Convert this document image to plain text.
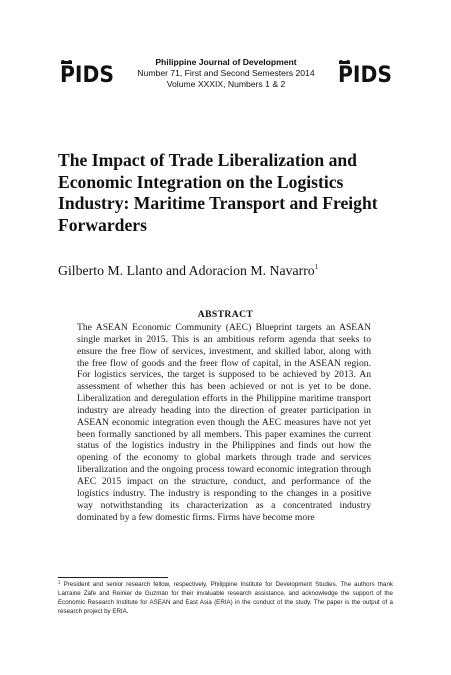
PIDS
Philippine Journal of Development
Number 71, First and Second Semesters 2014
Volume XXXIX, Numbers 1 & 2	PIDS
The Impact of Trade Liberalization and Economic Integration on the Logistics Industry: Maritime Transport and Freight Forwarders
Gilberto M. Llanto and Adoracion M. Navarro$^1$
ABSTRACT

The ASEAN Economic Community (AEC) Blueprint targets an ASEAN single market in 2015. This is an ambitious reform agenda that seeks to ensure the free flow of services, investment, and skilled labor, along with the free flow of goods and the freer flow of capital, in the ASEAN region. For logistics services, the target is supposed to be achieved by 2013. An assessment of whether this has been achieved or not is yet to be done. Liberalization and deregulation efforts in the Philippine maritime transport industry are already heading into the direction of greater participation in ASEAN economic integration even though the AEC measures have not yet been formally sanctioned by all members. This paper examines the current status of the logistics industry in the Philippines and finds out how the opening of the economy to global markets through trade and services liberalization and the ongoing process toward economic integration through AEC 2015 impact on the structure, conduct, and performance of the logistics industry. The industry is responding to the changes in a positive way notwithstanding its characterization as a concentrated industry dominated by a few domestic firms. Firms have become more

$^1$ President and senior research fellow, respectively, Philippine Institute for Development Studies. The authors thank Larraine Zafe and Reinier de Guzman for their invaluable research assistance, and acknowledge the support of the Economic Research Institute for ASEAN and East Asia (ERIA) in the conduct of the study. The paper is the output of a research project by ERIA.
